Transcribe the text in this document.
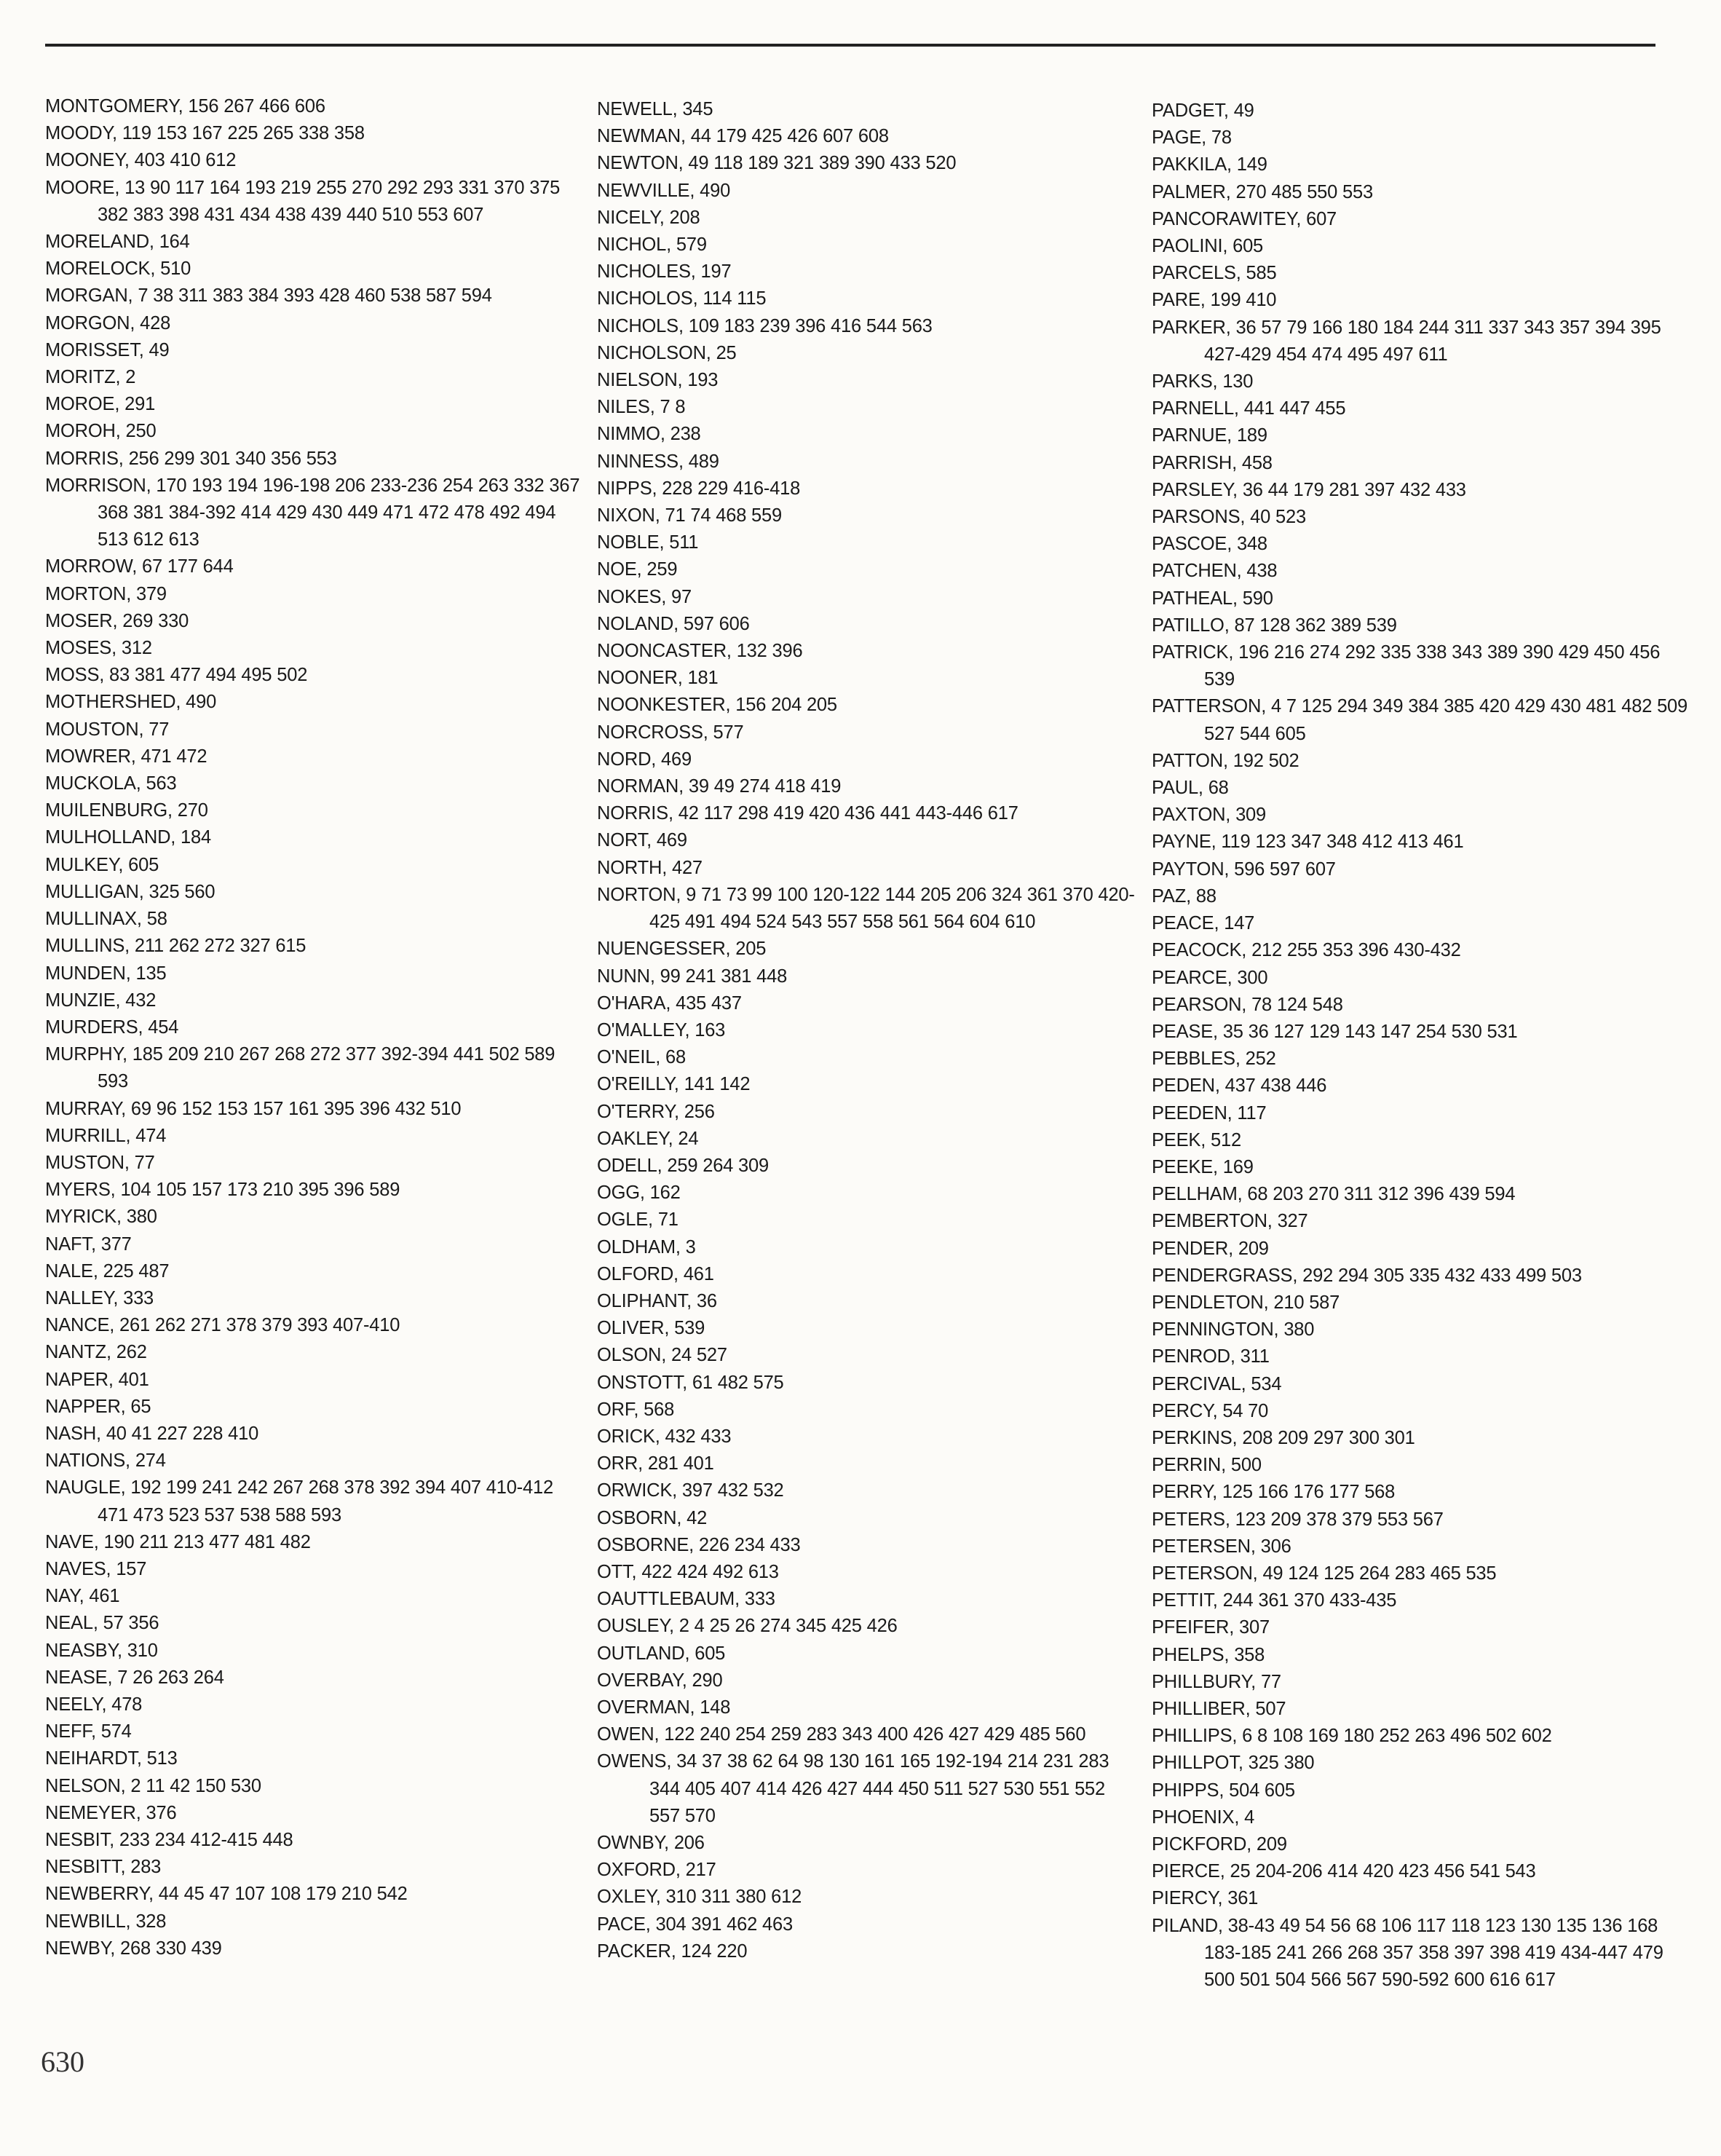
MONTGOMERY, 156 267 466 606
MOODY, 119 153 167 225 265 338 358
MOONEY, 403 410 612
MOORE, 13 90 117 164 193 219 255 270 292 293 331 370 375 382 383 398 431 434 438 439 440 510 553 607
MORELAND, 164
MORELOCK, 510
MORGAN, 7 38 311 383 384 393 428 460 538 587 594
MORGON, 428
MORISSET, 49
MORITZ, 2
MOROE, 291
MOROH, 250
MORRIS, 256 299 301 340 356 553
MORRISON, 170 193 194 196-198 206 233-236 254 263 332 367 368 381 384-392 414 429 430 449 471 472 478 492 494 513 612 613
MORROW, 67 177 644
MORTON, 379
MOSER, 269 330
MOSES, 312
MOSS, 83 381 477 494 495 502
MOTHERSHED, 490
MOUSTON, 77
MOWRER, 471 472
MUCKOLA, 563
MUILENBURG, 270
MULHOLLAND, 184
MULKEY, 605
MULLIGAN, 325 560
MULLINAX, 58
MULLINS, 211 262 272 327 615
MUNDEN, 135
MUNZIE, 432
MURDERS, 454
MURPHY, 185 209 210 267 268 272 377 392-394 441 502 589 593
MURRAY, 69 96 152 153 157 161 395 396 432 510
MURRILL, 474
MUSTON, 77
MYERS, 104 105 157 173 210 395 396 589
MYRICK, 380
NAFT, 377
NALE, 225 487
NALLEY, 333
NANCE, 261 262 271 378 379 393 407-410
NANTZ, 262
NAPER, 401
NAPPER, 65
NASH, 40 41 227 228 410
NATIONS, 274
NAUGLE, 192 199 241 242 267 268 378 392 394 407 410-412 471 473 523 537 538 588 593
NAVE, 190 211 213 477 481 482
NAVES, 157
NAY, 461
NEAL, 57 356
NEASBY, 310
NEASE, 7 26 263 264
NEELY, 478
NEFF, 574
NEIHARDT, 513
NELSON, 2 11 42 150 530
NEMEYER, 376
NESBIT, 233 234 412-415 448
NESBITT, 283
NEWBERRY, 44 45 47 107 108 179 210 542
NEWBILL, 328
NEWBY, 268 330 439
NEWELL, 345
NEWMAN, 44 179 425 426 607 608
NEWTON, 49 118 189 321 389 390 433 520
NEWVILLE, 490
NICELY, 208
NICHOL, 579
NICHOLES, 197
NICHOLOS, 114 115
NICHOLS, 109 183 239 396 416 544 563
NICHOLSON, 25
NIELSON, 193
NILES, 7 8
NIMMO, 238
NINNESS, 489
NIPPS, 228 229 416-418
NIXON, 71 74 468 559
NOBLE, 511
NOE, 259
NOKES, 97
NOLAND, 597 606
NOONCASTER, 132 396
NOONER, 181
NOONKESTER, 156 204 205
NORCROSS, 577
NORD, 469
NORMAN, 39 49 274 418 419
NORRIS, 42 117 298 419 420 436 441 443-446 617
NORT, 469
NORTH, 427
NORTON, 9 71 73 99 100 120-122 144 205 206 324 361 370 420-425 491 494 524 543 557 558 561 564 604 610
NUENGESSER, 205
NUNN, 99 241 381 448
O'HARA, 435 437
O'MALLEY, 163
O'NEIL, 68
O'REILLY, 141 142
O'TERRY, 256
OAKLEY, 24
ODELL, 259 264 309
OGG, 162
OGLE, 71
OLDHAM, 3
OLFORD, 461
OLIPHANT, 36
OLIVER, 539
OLSON, 24 527
ONSTOTT, 61 482 575
ORF, 568
ORICK, 432 433
ORR, 281 401
ORWICK, 397 432 532
OSBORN, 42
OSBORNE, 226 234 433
OTT, 422 424 492 613
OAUTTLEBAUM, 333
OUSLEY, 2 4 25 26 274 345 425 426
OUTLAND, 605
OVERBAY, 290
OVERMAN, 148
OWEN, 122 240 254 259 283 343 400 426 427 429 485 560
OWENS, 34 37 38 62 64 98 130 161 165 192-194 214 231 283 344 405 407 414 426 427 444 450 511 527 530 551 552 557 570
OWNBY, 206
OXFORD, 217
OXLEY, 310 311 380 612
PACE, 304 391 462 463
PACKER, 124 220
PADGET, 49
PAGE, 78
PAKKILA, 149
PALMER, 270 485 550 553
PANCORAWITEY, 607
PAOLINI, 605
PARCELS, 585
PARE, 199 410
PARKER, 36 57 79 166 180 184 244 311 337 343 357 394 395 427-429 454 474 495 497 611
PARKS, 130
PARNELL, 441 447 455
PARNUE, 189
PARRISH, 458
PARSLEY, 36 44 179 281 397 432 433
PARSONS, 40 523
PASCOE, 348
PATCHEN, 438
PATHEAL, 590
PATILLO, 87 128 362 389 539
PATRICK, 196 216 274 292 335 338 343 389 390 429 450 456 539
PATTERSON, 4 7 125 294 349 384 385 420 429 430 481 482 509 527 544 605
PATTON, 192 502
PAUL, 68
PAXTON, 309
PAYNE, 119 123 347 348 412 413 461
PAYTON, 596 597 607
PAZ, 88
PEACE, 147
PEACOCK, 212 255 353 396 430-432
PEARCE, 300
PEARSON, 78 124 548
PEASE, 35 36 127 129 143 147 254 530 531
PEBBLES, 252
PEDEN, 437 438 446
PEEDEN, 117
PEEK, 512
PEEKE, 169
PELLHAM, 68 203 270 311 312 396 439 594
PEMBERTON, 327
PENDER, 209
PENDERGRASS, 292 294 305 335 432 433 499 503
PENDLETON, 210 587
PENNINGTON, 380
PENROD, 311
PERCIVAL, 534
PERCY, 54 70
PERKINS, 208 209 297 300 301
PERRIN, 500
PERRY, 125 166 176 177 568
PETERS, 123 209 378 379 553 567
PETERSEN, 306
PETERSON, 49 124 125 264 283 465 535
PETTIT, 244 361 370 433-435
PFEIFER, 307
PHELPS, 358
PHILLBURY, 77
PHILLIBER, 507
PHILLIPS, 6 8 108 169 180 252 263 496 502 602
PHILLPOT, 325 380
PHIPPS, 504 605
PHOENIX, 4
PICKFORD, 209
PIERCE, 25 204-206 414 420 423 456 541 543
PIERCY, 361
PILAND, 38-43 49 54 56 68 106 117 118 123 130 135 136 168 183-185 241 266 268 357 358 397 398 419 434-447 479 500 501 504 566 567 590-592 600 616 617
630
